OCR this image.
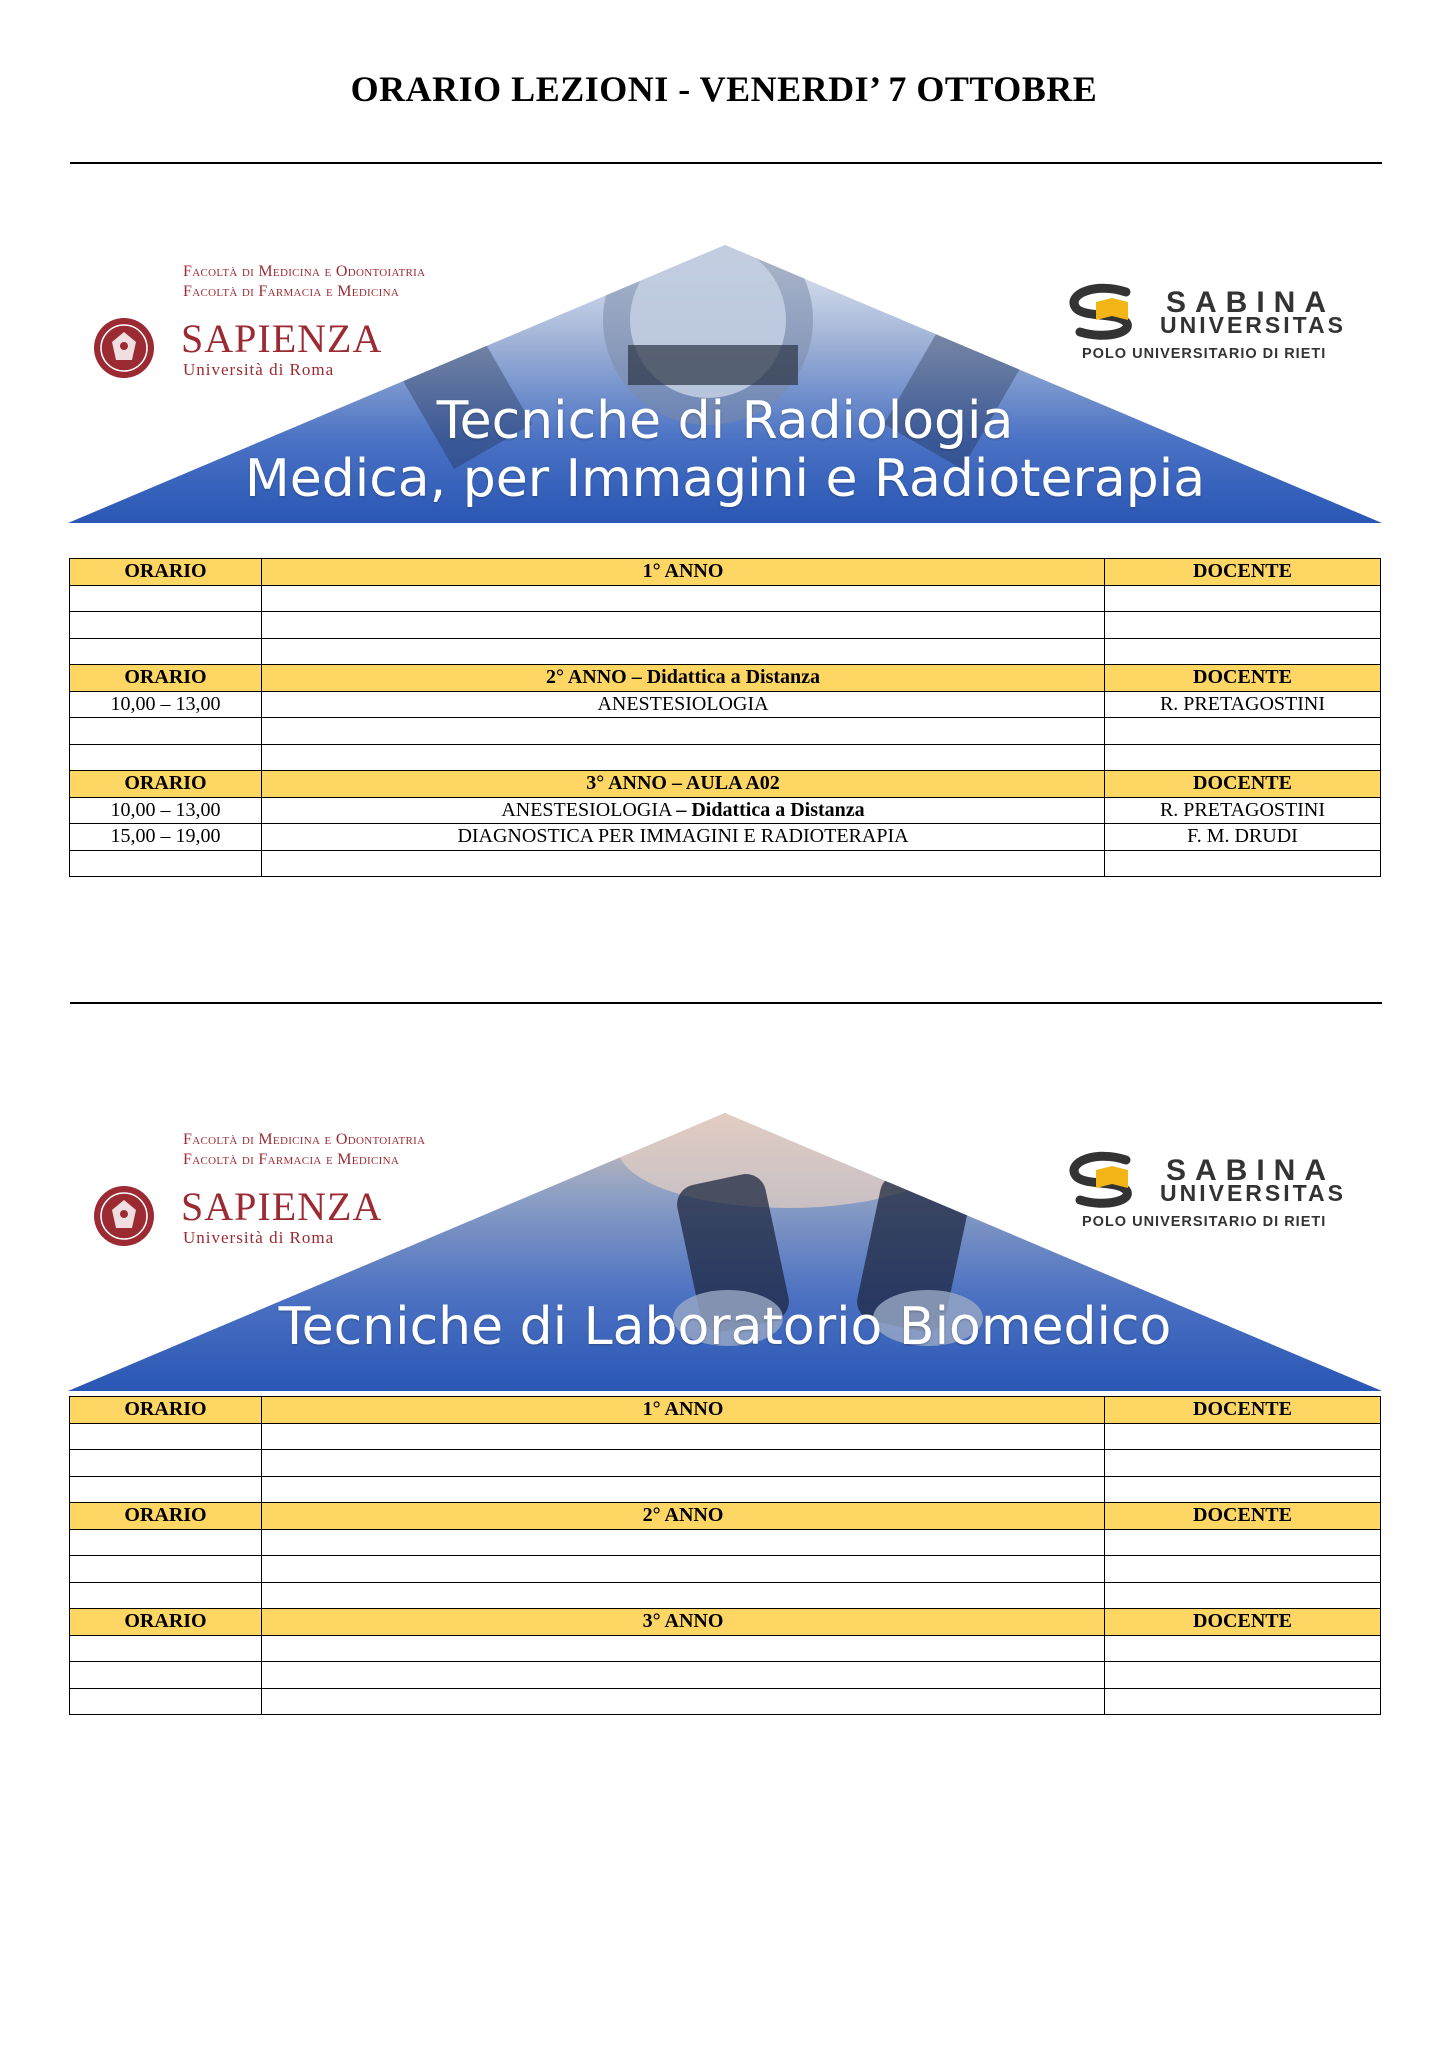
ORARIO LEZIONI - VENERDI’ 7 OTTOBRE
Facoltà di Medicina e Odontoiatria
Facoltà di Farmacia e Medicina
SAPIENZA
Università di Roma
SABINA
UNIVERSITAS
POLO UNIVERSITARIO DI RIETI
Tecniche di Radiologia
Medica, per Immagini e Radioterapia
ORARIO	1° ANNO	DOCENTE

ORARIO	2° ANNO – Didattica a Distanza	DOCENTE
10,00 – 13,00	ANESTESIOLOGIA	R. PRETAGOSTINI

ORARIO	3° ANNO – AULA A02	DOCENTE
10,00 – 13,00	ANESTESIOLOGIA – Didattica a Distanza	R. PRETAGOSTINI
15,00 – 19,00	DIAGNOSTICA PER IMMAGINI E RADIOTERAPIA	F. M. DRUDI

Facoltà di Medicina e Odontoiatria
Facoltà di Farmacia e Medicina
SAPIENZA
Università di Roma
SABINA
UNIVERSITAS
POLO UNIVERSITARIO DI RIETI
Tecniche di Laboratorio Biomedico
ORARIO	1° ANNO	DOCENTE

ORARIO	2° ANNO	DOCENTE

ORARIO	3° ANNO	DOCENTE
